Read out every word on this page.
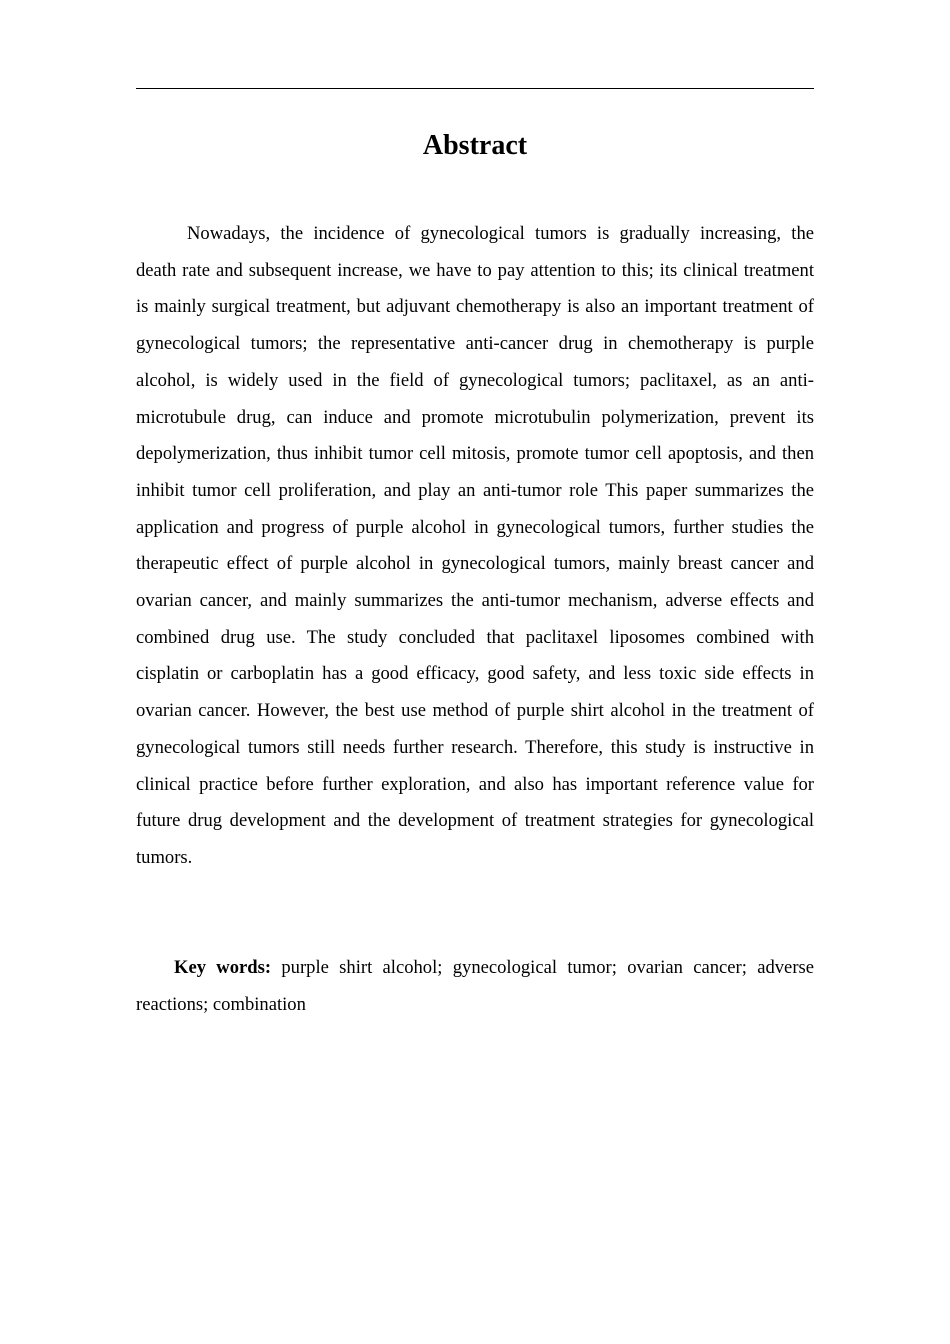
Abstract

Nowadays, the incidence of gynecological tumors is gradually increasing, the death rate and subsequent increase, we have to pay attention to this; its clinical treatment is mainly surgical treatment, but adjuvant chemotherapy is also an important treatment of gynecological tumors; the representative anti-cancer drug in chemotherapy is purple alcohol, is widely used in the field of gynecological tumors; paclitaxel, as an anti-microtubule drug, can induce and promote microtubulin polymerization, prevent its depolymerization, thus inhibit tumor cell mitosis, promote tumor cell apoptosis, and then inhibit tumor cell proliferation, and play an anti-tumor role This paper summarizes the application and progress of purple alcohol in gynecological tumors, further studies the therapeutic effect of purple alcohol in gynecological tumors, mainly breast cancer and ovarian cancer, and mainly summarizes the anti-tumor mechanism, adverse effects and combined drug use. The study concluded that paclitaxel liposomes combined with cisplatin or carboplatin has a good efficacy, good safety, and less toxic side effects in ovarian cancer. However, the best use method of purple shirt alcohol in the treatment of gynecological tumors still needs further research. Therefore, this study is instructive in clinical practice before further exploration, and also has important reference value for future drug development and the development of treatment strategies for gynecological tumors.

Key words: purple shirt alcohol; gynecological tumor; ovarian cancer; adverse reactions; combination
